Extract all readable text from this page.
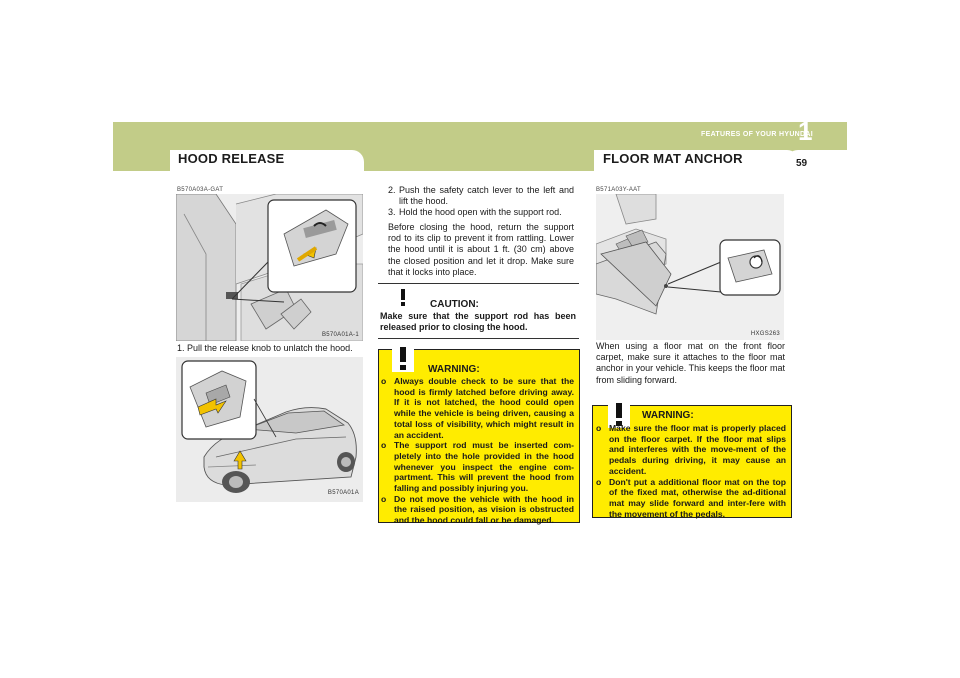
HOOD RELEASE	FLOOR MAT ANCHOR
FEATURES OF YOUR HYUNDAI
1
59
B570A03A-GAT
B570A01A-1
1. Pull the release knob to unlatch the hood.
B570A01A
2. Push the safety catch lever to the left and lift the hood.
3. Hold the hood open with the support rod.
Before closing the hood, return the support rod to its clip to prevent it from rattling. Lower the hood until it is about 1 ft. (30 cm) above the closed position and let it drop. Make sure that it locks into place.
CAUTION:
Make sure that the support rod has been released prior to closing the hood.
WARNING:
o Always double check to be sure that the hood is firmly latched before driving away. If it is not latched, the hood could open while the vehicle is being driven, causing a total loss of visibility, which might result in an accident.
o The support rod must be inserted com-pletely into the hole provided in the hood whenever you inspect the engine com-partment. This will prevent the hood from falling and possibly injuring you.
o Do not move the vehicle with the hood in the raised position, as vision is obstructed and the hood could fall or be damaged.
B571A03Y-AAT
HXGS263
When using a floor mat on the front floor carpet, make sure it attaches to the floor mat anchor in your vehicle. This keeps the floor mat from sliding forward.
WARNING:
o Make sure the floor mat is properly placed on the floor carpet. If the floor mat slips and interferes with the move-ment of the pedals during driving, it may cause an accident.
o Don't put a additional floor mat on the top of the fixed mat, otherwise the ad-ditional mat may slide forward and inter-fere with the movement of the pedals.
